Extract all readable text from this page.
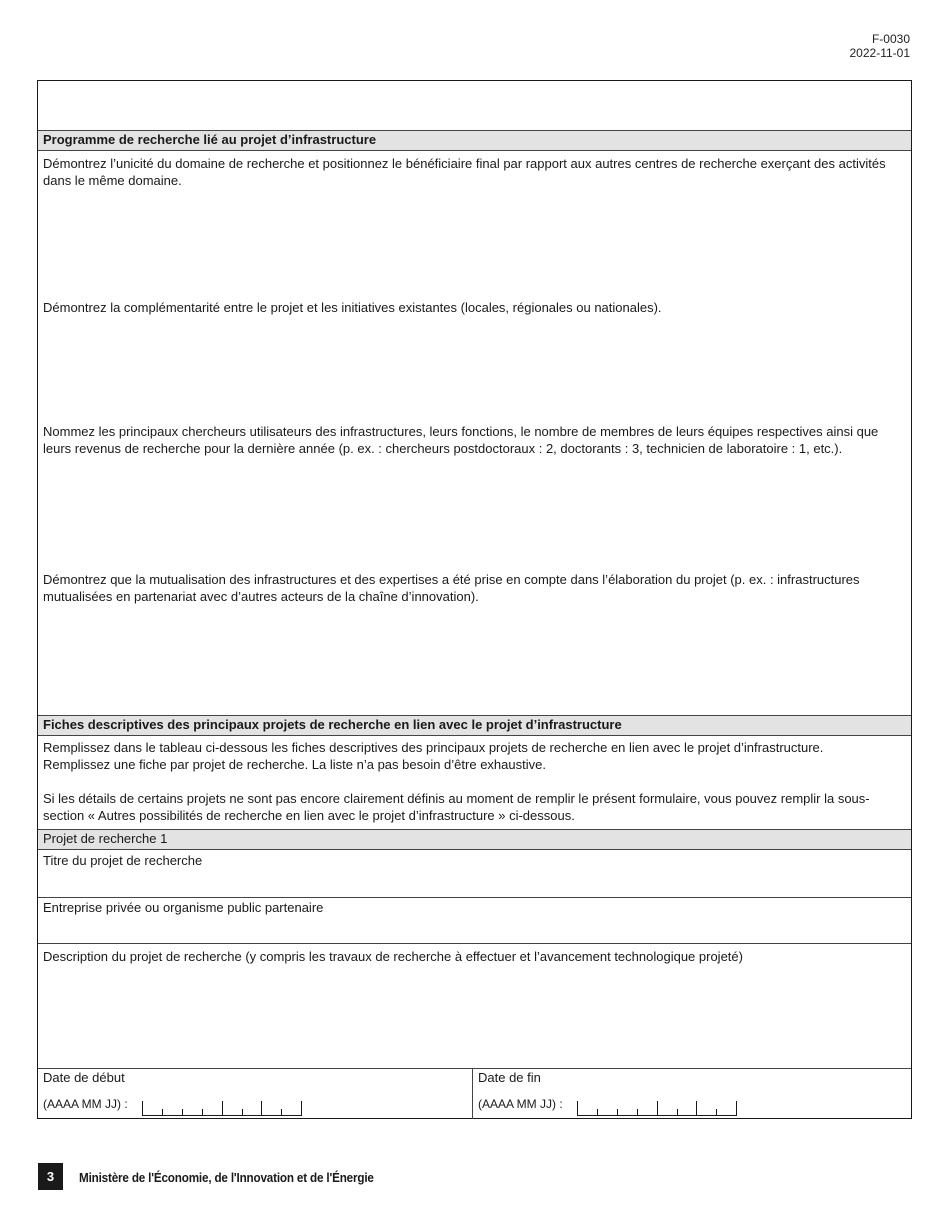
F-0030
2022-11-01
Programme de recherche lié au projet d’infrastructure
Démontrez l’unicité du domaine de recherche et positionnez le bénéficiaire final par rapport aux autres centres de recherche exerçant des activités dans le même domaine.
Démontrez la complémentarité entre le projet et les initiatives existantes (locales, régionales ou nationales).
Nommez les principaux chercheurs utilisateurs des infrastructures, leurs fonctions, le nombre de membres de leurs équipes respectives ainsi que leurs revenus de recherche pour la dernière année (p. ex. : chercheurs postdoctoraux : 2, doctorants : 3, technicien de laboratoire : 1, etc.).
Démontrez que la mutualisation des infrastructures et des expertises a été prise en compte dans l’élaboration du projet (p. ex. : infrastructures mutualisées en partenariat avec d’autres acteurs de la chaîne d’innovation).
Fiches descriptives des principaux projets de recherche en lien avec le projet d’infrastructure
Remplissez dans le tableau ci-dessous les fiches descriptives des principaux projets de recherche en lien avec le projet d’infrastructure.
Remplissez une fiche par projet de recherche. La liste n’a pas besoin d’être exhaustive.
Si les détails de certains projets ne sont pas encore clairement définis au moment de remplir le présent formulaire, vous pouvez remplir la sous-section « Autres possibilités de recherche en lien avec le projet d’infrastructure » ci-dessous.
Projet de recherche 1
Titre du projet de recherche
Entreprise privée ou organisme public partenaire
Description du projet de recherche (y compris les travaux de recherche à effectuer et l’avancement technologique projeté)
Date de début
(AAAA MM JJ) :
Date de fin
(AAAA MM JJ) :
3	Ministère de l'Économie, de l'Innovation et de l'Énergie
